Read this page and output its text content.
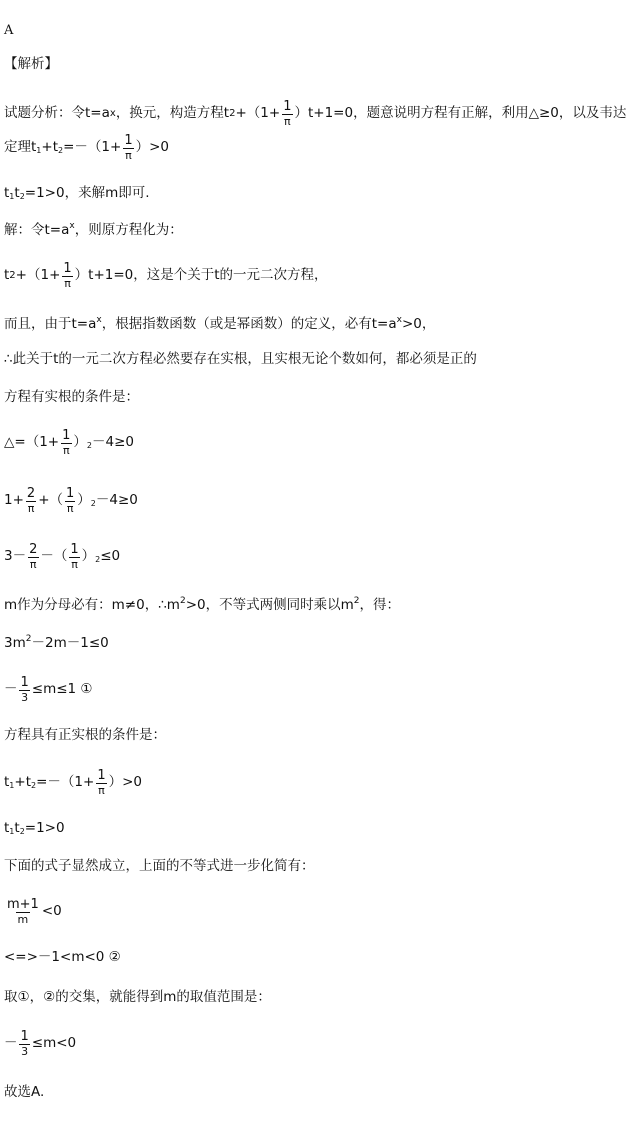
A
【解析】
试题分析：令t=a x ，换元，构造方程t $2 +(1+ \frac{1}{\pi} )t+1=0$，题意说明方程有正解，利用△≥0，以及韦达
定理t 1 +t $2 =-(1+ \frac{1}{\pi} )>0$
t 1 t 2 =1>0，来解m即可.
解：令t=a x ，则原方程化为：
t $2 +(1+ \frac{1}{\pi} )t+1=0$，这是个关于t的一元二次方程，
而且，由于t=a x ，根据指数函数（或是幂函数）的定义，必有t=a x >0，
∴此关于t的一元二次方程必然要存在实根，且实根无论个数如何，都必须是正的
方程有实根的条件是：
△=（1+ $\frac{1}{\pi}$ ） 2 －4≥0
$1+ \frac{2}{\pi}$ +（ $\frac{1}{\pi}$ ） 2 －4≥0
$3- \frac{2}{\pi}$ －（ $\frac{1}{\pi}$ ） 2 ≤0
m作为分母必有：m≠0，∴m 2 >0，不等式两侧同时乘以m 2 ，得：
3m 2 －2m－1≤0
－ $\frac{1}{3} \le m\le 1$ ①
方程具有正实根的条件是：
t 1 +t $2 =-(1+ \frac{1}{\pi} )>0$
t 1 t 2 =1>0
下面的式子显然成立，上面的不等式进一步化简有：
$\frac{m+1}{m} <0$
<=>－1<m<0 ②
取①，②的交集，就能得到m的取值范围是：
－ $\frac{1}{3} \le m<0$
故选A.
